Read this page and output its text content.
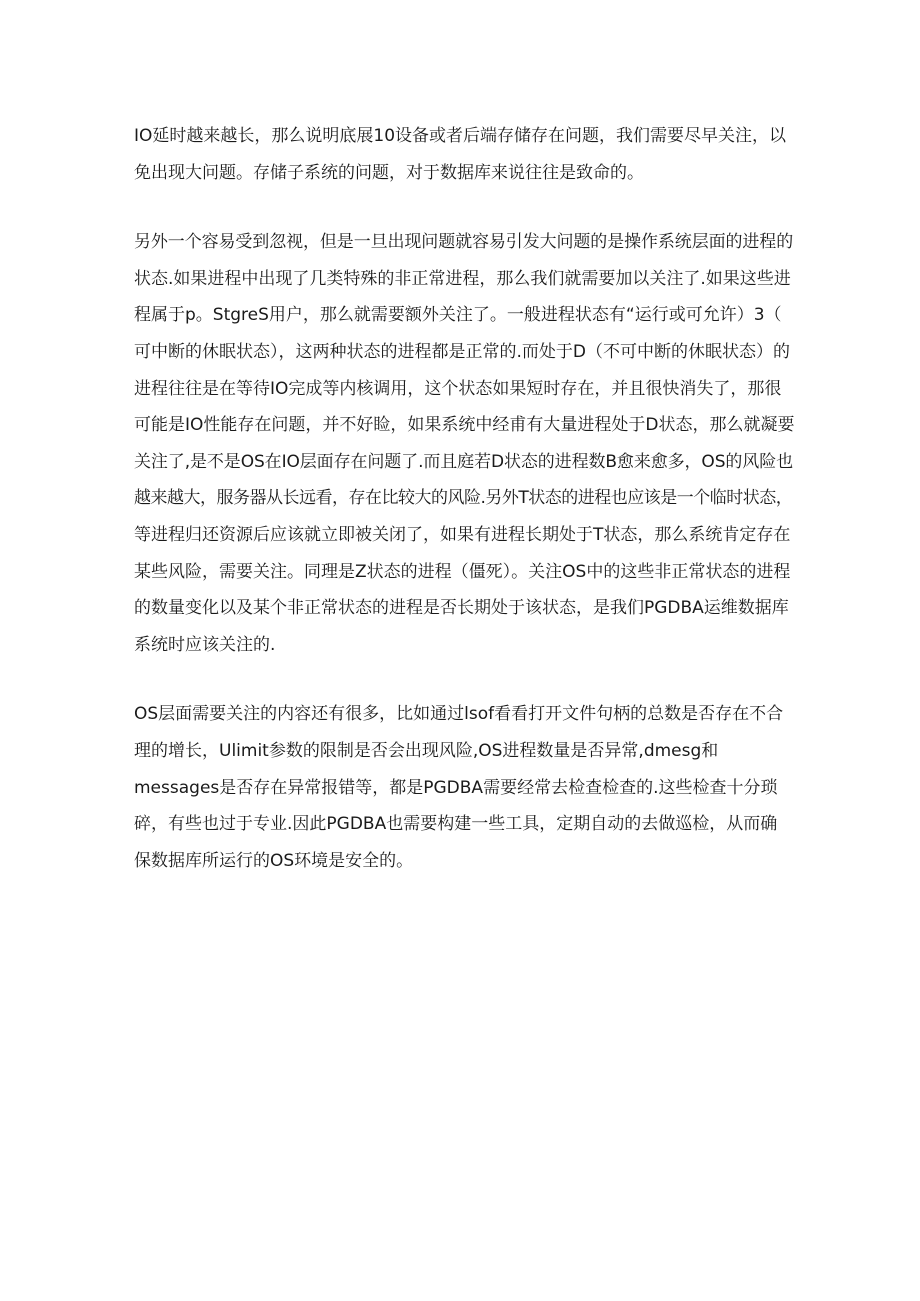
IO延时越来越长，那么说明底展10设备或者后端存储存在问题，我们需要尽早关注，以
免出现大问题。存储子系统的问题，对于数据库来说往往是致命的。

另外一个容易受到忽视，但是一旦出现问题就容易引发大问题的是操作系统层面的进程的
状态.如果进程中出现了几类特殊的非正常进程，那么我们就需要加以关注了.如果这些进
程属于p。StgreS用户，那么就需要额外关注了。一般进程状态有“运行或可允许）3（
可中断的休眠状态），这两种状态的进程都是正常的.而处于D（不可中断的休眠状态）的
进程往往是在等待IO完成等内核调用，这个状态如果短时存在，并且很快消失了，那很
可能是IO性能存在问题，并不好睑，如果系统中经甫有大量进程处于D状态，那么就凝要
关注了,是不是OS在IO层面存在问题了.而且庭若D状态的进程数B愈来愈多，OS的风险也
越来越大，服务器从长远看，存在比较大的风险.另外T状态的进程也应该是一个临时状态，
等进程归还资源后应该就立即被关闭了，如果有进程长期处于T状态，那么系统肯定存在
某些风险，需要关注。同理是Z状态的进程（僵死）。关注OS中的这些非正常状态的进程
的数量变化以及某个非正常状态的进程是否长期处于该状态，是我们PGDBA运维数据库
系统时应该关注的.

OS层面需要关注的内容还有很多，比如通过lsof看看打开文件句柄的总数是否存在不合
理的增长，Ulimit参数的限制是否会出现风险,OS进程数量是否异常,dmesg和
messages是否存在异常报错等，都是PGDBA需要经常去检查检查的.这些检查十分琐
碎，有些也过于专业.因此PGDBA也需要构建一些工具，定期自动的去做巡检，从而确
保数据库所运行的OS环境是安全的。
